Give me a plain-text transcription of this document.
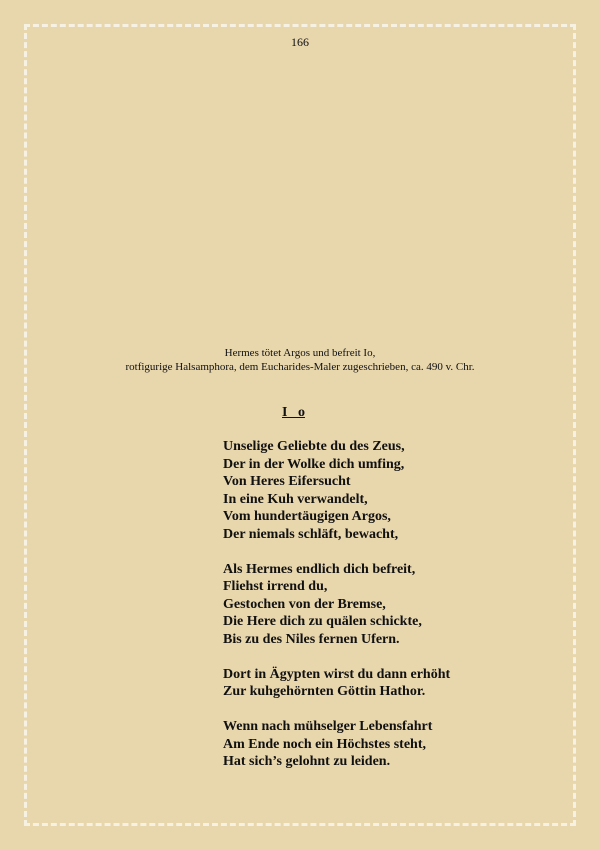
166
Hermes tötet Argos und befreit Io,
rotfigurige Halsamphora, dem Eucharides-Maler zugeschrieben, ca. 490 v. Chr.
I   o
Unselige Geliebte du des Zeus,
Der in der Wolke dich umfing,
Von Heres Eifersucht
In eine Kuh verwandelt,
Vom hundertäugigen Argos,
Der niemals schläft, bewacht,
Als Hermes endlich dich befreit,
Fliehst irrend du,
Gestochen von der Bremse,
Die Here dich zu quälen schickte,
Bis zu des Niles fernen Ufern.
Dort in Ägypten wirst du dann erhöht
Zur kuhgehörnten Göttin Hathor.
Wenn nach mühselger Lebensfahrt
Am Ende noch ein Höchstes steht,
Hat sich’s gelohnt zu leiden.
